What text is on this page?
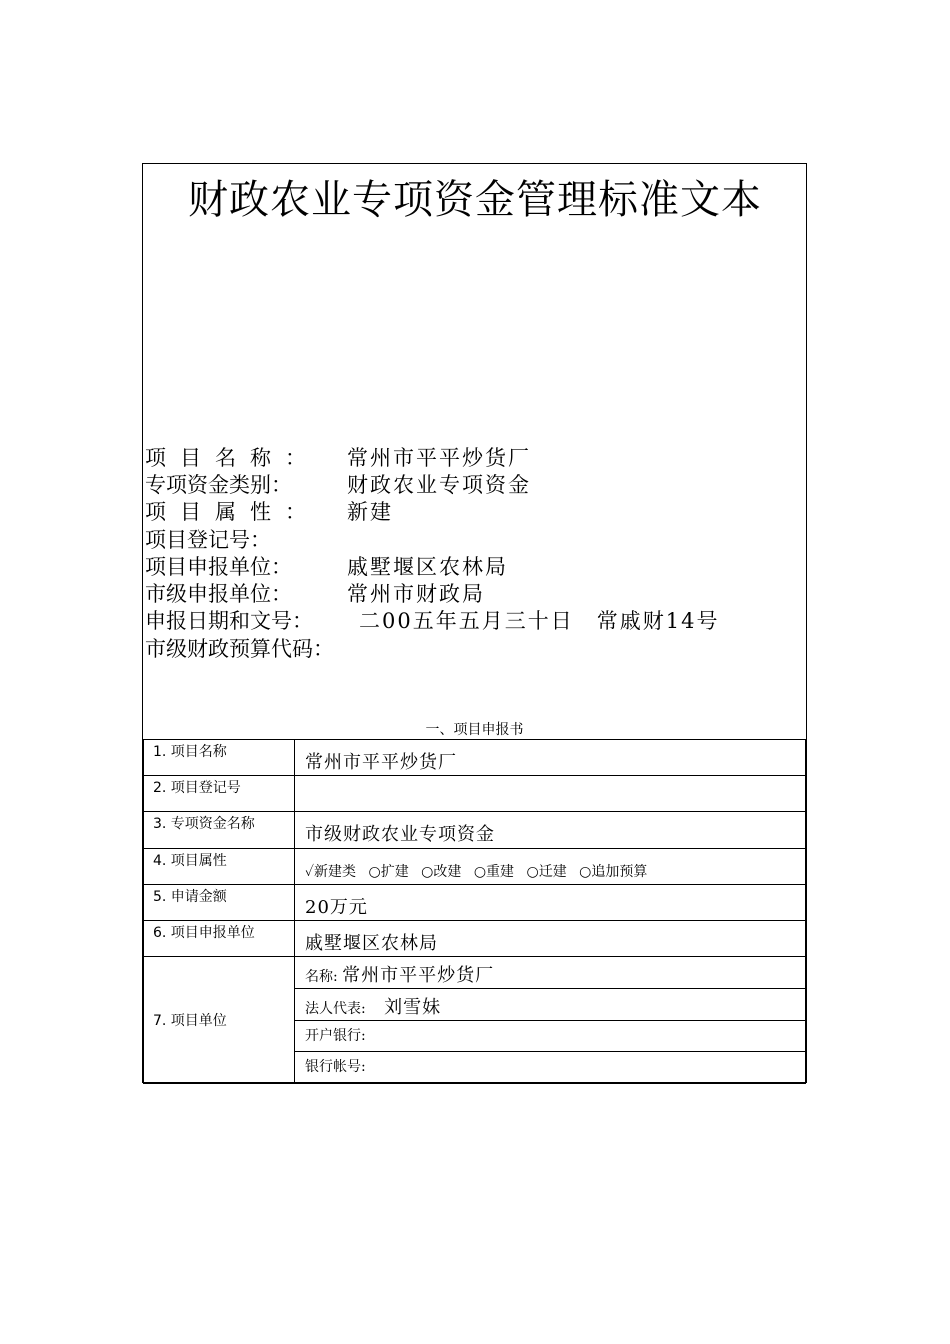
财政农业专项资金管理标准文本
项目名称： 常州市平平炒货厂
专项资金类别：	财政农业专项资金
项目属性： 新建
项目登记号：
项目申报单位：	戚墅堰区农林局
市级申报单位：	常州市财政局
申报日期和文号： 二00五年五月三十日　常戚财14号
市级财政预算代码：
一、项目申报书
1. 项目名称	常州市平平炒货厂
2. 项目登记号	
3. 专项资金名称	市级财政农业专项资金
4. 项目属性	✓新建类 ○扩建 ○改建 ○重建 ○迁建 ○追加预算
5. 申请金额	20万元
6. 项目申报单位	戚墅堰区农林局
7. 项目单位	名称: 常州市平平炒货厂
	法人代表: 刘雪妹
	开户银行:
	银行帐号:
